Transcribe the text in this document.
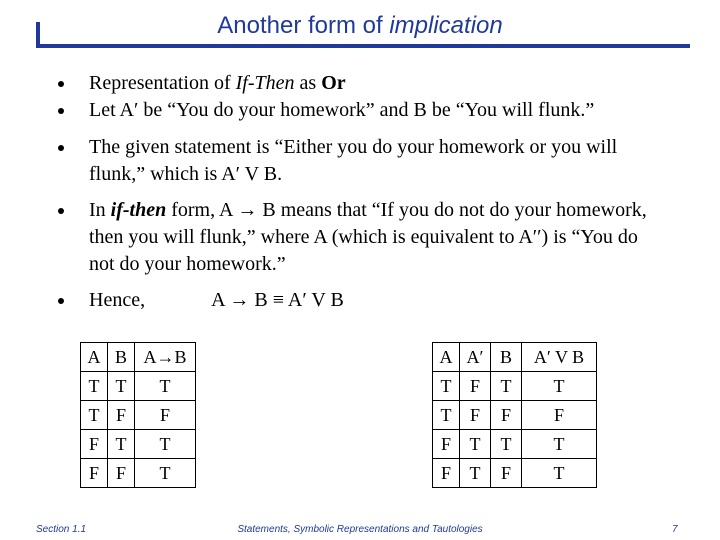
Another form of implication
Representation of If-Then as Or
Let A′ be “You do your homework” and B be “You will flunk.”
The given statement is “Either you do your homework or you will flunk,” which is A′ V B.
In if-then form, A → B means that “If you do not do your homework, then you will flunk,” where A (which is equivalent to A′′) is “You do not do your homework.”
Hence,	A → B ≡ A′ V B
A	B	A→B
T	T	T
T	F	F
F	T	T
F	F	T
A	A′	B	A′ V B
T	F	T	T
T	F	F	F
F	T	T	T
F	T	F	T
Section 1.1	Statements, Symbolic Representations and Tautologies	7
